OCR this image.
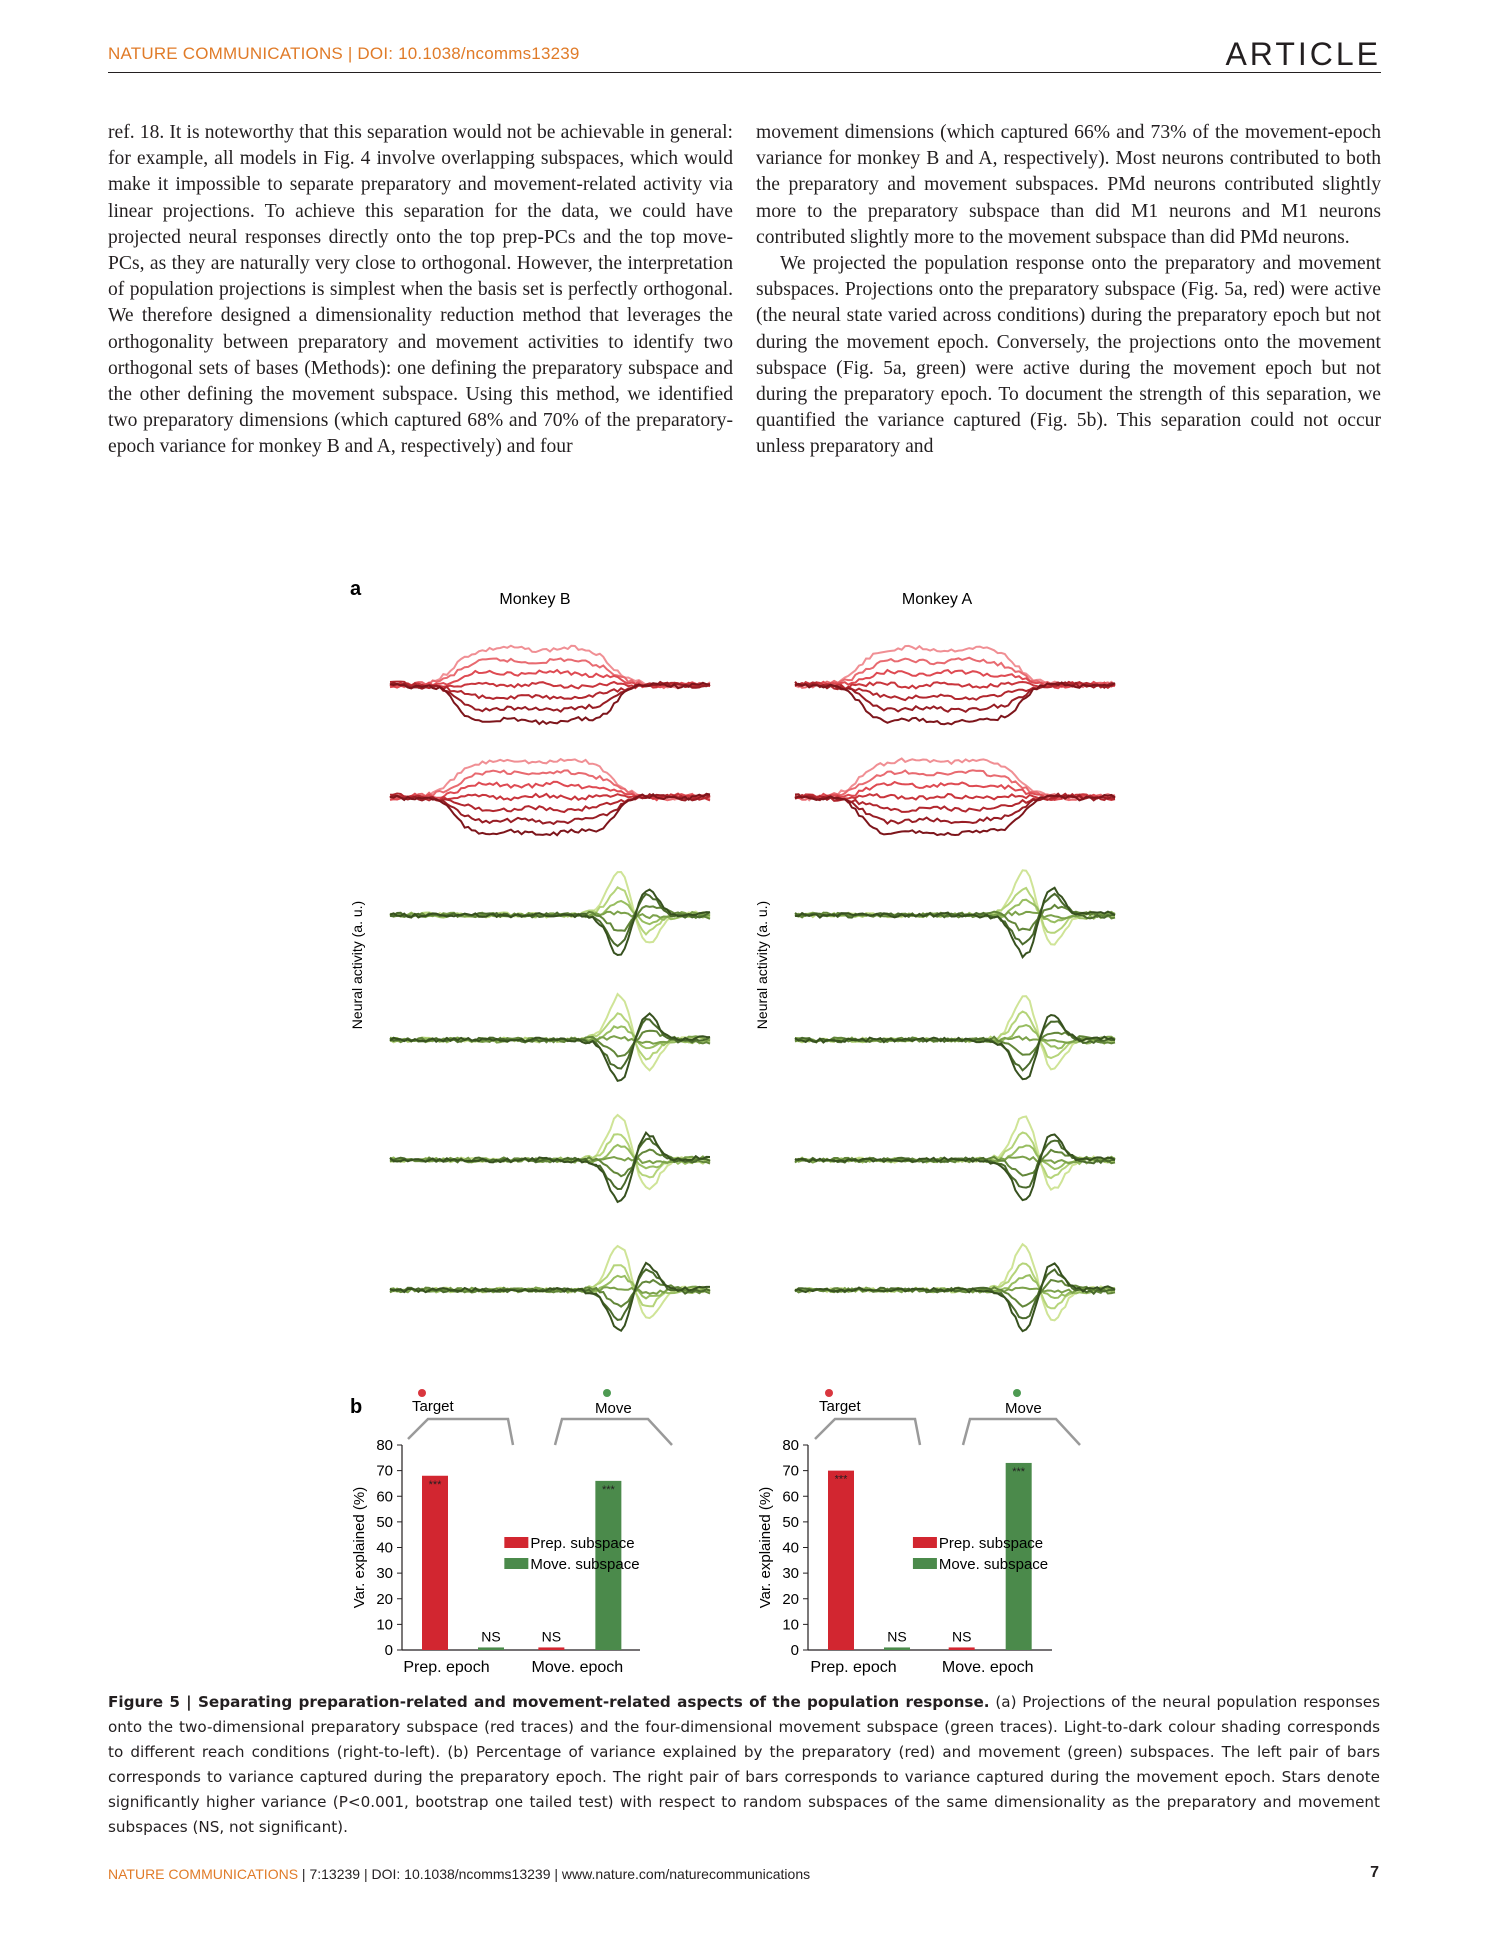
NATURE COMMUNICATIONS | DOI: 10.1038/ncomms13239	ARTICLE

ref. 18. It is noteworthy that this separation would not be achievable in general: for example, all models in Fig. 4 involve overlapping subspaces, which would make it impossible to separate preparatory and movement-related activity via linear projections. To achieve this separation for the data, we could have projected neural responses directly onto the top prep-PCs and the top move-PCs, as they are naturally very close to orthogonal. However, the interpretation of population projections is simplest when the basis set is perfectly orthogonal. We therefore designed a dimensionality reduction method that leverages the orthogonality between preparatory and movement activities to identify two orthogonal sets of bases (Methods): one defining the preparatory subspace and the other defining the movement subspace. Using this method, we identified two preparatory dimensions (which captured 68% and 70% of the preparatory-epoch variance for monkey B and A, respectively) and four

movement dimensions (which captured 66% and 73% of the movement-epoch variance for monkey B and A, respectively). Most neurons contributed to both the preparatory and movement subspaces. PMd neurons contributed slightly more to the preparatory subspace than did M1 neurons and M1 neurons contributed slightly more to the movement subspace than did PMd neurons.

We projected the population response onto the preparatory and movement subspaces. Projections onto the preparatory subspace (Fig. 5a, red) were active (the neural state varied across conditions) during the preparatory epoch but not during the movement epoch. Conversely, the projections onto the movement subspace (Fig. 5a, green) were active during the movement epoch but not during the preparatory epoch. To document the strength of this separation, we quantified the variance captured (Fig. 5b). This separation could not occur unless preparatory and

a	Monkey B	Monkey A
Neural activity (a. u.)	Neural activity (a. u.)
b	Target	Move	Target	Move
0
10
20
30
40
50
60
70
80
Var. explained (%)
Prep. epoch	Move. epoch
***
NS
NS
***
Prep. subspace
Move. subspace
0
10
20
30
40
50
60
70
80
Var. explained (%)
Prep. epoch	Move. epoch
***
NS
NS
***
Prep. subspace
Move. subspace
Figure 5 | Separating preparation-related and movement-related aspects of the population response. (a) Projections of the neural population responses onto the two-dimensional preparatory subspace (red traces) and the four-dimensional movement subspace (green traces). Light-to-dark colour shading corresponds to different reach conditions (right-to-left). (b) Percentage of variance explained by the preparatory (red) and movement (green) subspaces. The left pair of bars corresponds to variance captured during the preparatory epoch. The right pair of bars corresponds to variance captured during the movement epoch. Stars denote significantly higher variance (P<0.001, bootstrap one tailed test) with respect to random subspaces of the same dimensionality as the preparatory and movement subspaces (NS, not significant).
NATURE COMMUNICATIONS | 7:13239 | DOI: 10.1038/ncomms13239 | www.nature.com/naturecommunications	7
